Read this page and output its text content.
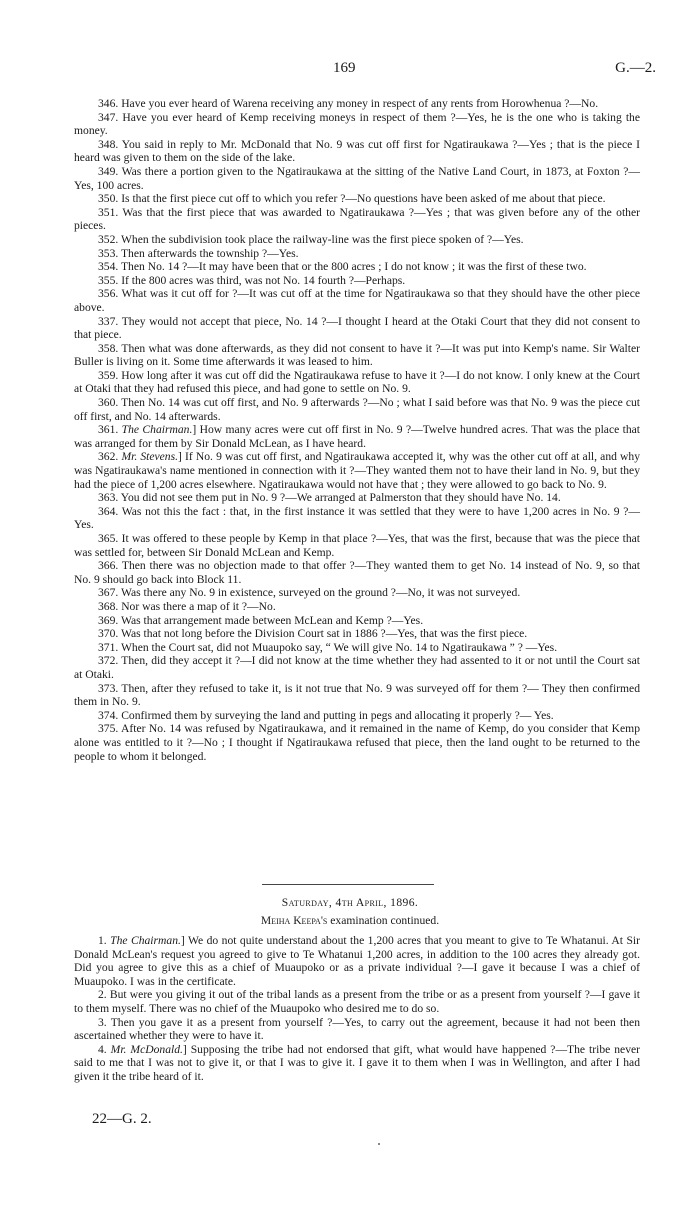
169	G.—2.

346. Have you ever heard of Warena receiving any money in respect of any rents from Horowhenua ?—No.

347. Have you ever heard of Kemp receiving moneys in respect of them ?—Yes, he is the one who is taking the money.

348. You said in reply to Mr. McDonald that No. 9 was cut off first for Ngatiraukawa ?—Yes ; that is the piece I heard was given to them on the side of the lake.

349. Was there a portion given to the Ngatiraukawa at the sitting of the Native Land Court, in 1873, at Foxton ?—Yes, 100 acres.

350. Is that the first piece cut off to which you refer ?—No questions have been asked of me about that piece.

351. Was that the first piece that was awarded to Ngatiraukawa ?—Yes ; that was given before any of the other pieces.

352. When the subdivision took place the railway-line was the first piece spoken of ?—Yes.

353. Then afterwards the township ?—Yes.

354. Then No. 14 ?—It may have been that or the 800 acres ; I do not know ; it was the first of these two.

355. If the 800 acres was third, was not No. 14 fourth ?—Perhaps.

356. What was it cut off for ?—It was cut off at the time for Ngatiraukawa so that they should have the other piece above.

337. They would not accept that piece, No. 14 ?—I thought I heard at the Otaki Court that they did not consent to that piece.

358. Then what was done afterwards, as they did not consent to have it ?—It was put into Kemp's name. Sir Walter Buller is living on it. Some time afterwards it was leased to him.

359. How long after it was cut off did the Ngatiraukawa refuse to have it ?—I do not know. I only knew at the Court at Otaki that they had refused this piece, and had gone to settle on No. 9.

360. Then No. 14 was cut off first, and No. 9 afterwards ?—No ; what I said before was that No. 9 was the piece cut off first, and No. 14 afterwards.

361. The Chairman.] How many acres were cut off first in No. 9 ?—Twelve hundred acres. That was the place that was arranged for them by Sir Donald McLean, as I have heard.

362. Mr. Stevens.] If No. 9 was cut off first, and Ngatiraukawa accepted it, why was the other cut off at all, and why was Ngatiraukawa's name mentioned in connection with it ?—They wanted them not to have their land in No. 9, but they had the piece of 1,200 acres elsewhere. Ngatiraukawa would not have that ; they were allowed to go back to No. 9.

363. You did not see them put in No. 9 ?—We arranged at Palmerston that they should have No. 14.

364. Was not this the fact : that, in the first instance it was settled that they were to have 1,200 acres in No. 9 ?—Yes.

365. It was offered to these people by Kemp in that place ?—Yes, that was the first, because that was the piece that was settled for, between Sir Donald McLean and Kemp.

366. Then there was no objection made to that offer ?—They wanted them to get No. 14 instead of No. 9, so that No. 9 should go back into Block 11.

367. Was there any No. 9 in existence, surveyed on the ground ?—No, it was not surveyed.

368. Nor was there a map of it ?—No.

369. Was that arrangement made between McLean and Kemp ?—Yes.

370. Was that not long before the Division Court sat in 1886 ?—Yes, that was the first piece.

371. When the Court sat, did not Muaupoko say, “ We will give No. 14 to Ngatiraukawa ” ? —Yes.

372. Then, did they accept it ?—I did not know at the time whether they had assented to it or not until the Court sat at Otaki.

373. Then, after they refused to take it, is it not true that No. 9 was surveyed off for them ?— They then confirmed them in No. 9.

374. Confirmed them by surveying the land and putting in pegs and allocating it properly ?— Yes.

375. After No. 14 was refused by Ngatiraukawa, and it remained in the name of Kemp, do you consider that Kemp alone was entitled to it ?—No ; I thought if Ngatiraukawa refused that piece, then the land ought to be returned to the people to whom it belonged.

Saturday, 4th April, 1896.
Meiha Keepa's examination continued.

1. The Chairman.] We do not quite understand about the 1,200 acres that you meant to give to Te Whatanui. At Sir Donald McLean's request you agreed to give to Te Whatanui 1,200 acres, in addition to the 100 acres they already got. Did you agree to give this as a chief of Muaupoko or as a private individual ?—I gave it because I was a chief of Muaupoko. I was in the certificate.

2. But were you giving it out of the tribal lands as a present from the tribe or as a present from yourself ?—I gave it to them myself. There was no chief of the Muaupoko who desired me to do so.

3. Then you gave it as a present from yourself ?—Yes, to carry out the agreement, because it had not been then ascertained whether they were to have it.

4. Mr. McDonald.] Supposing the tribe had not endorsed that gift, what would have happened ?—The tribe never said to me that I was not to give it, or that I was to give it. I gave it to them when I was in Wellington, and after I had given it the tribe heard of it.

22—G. 2.
